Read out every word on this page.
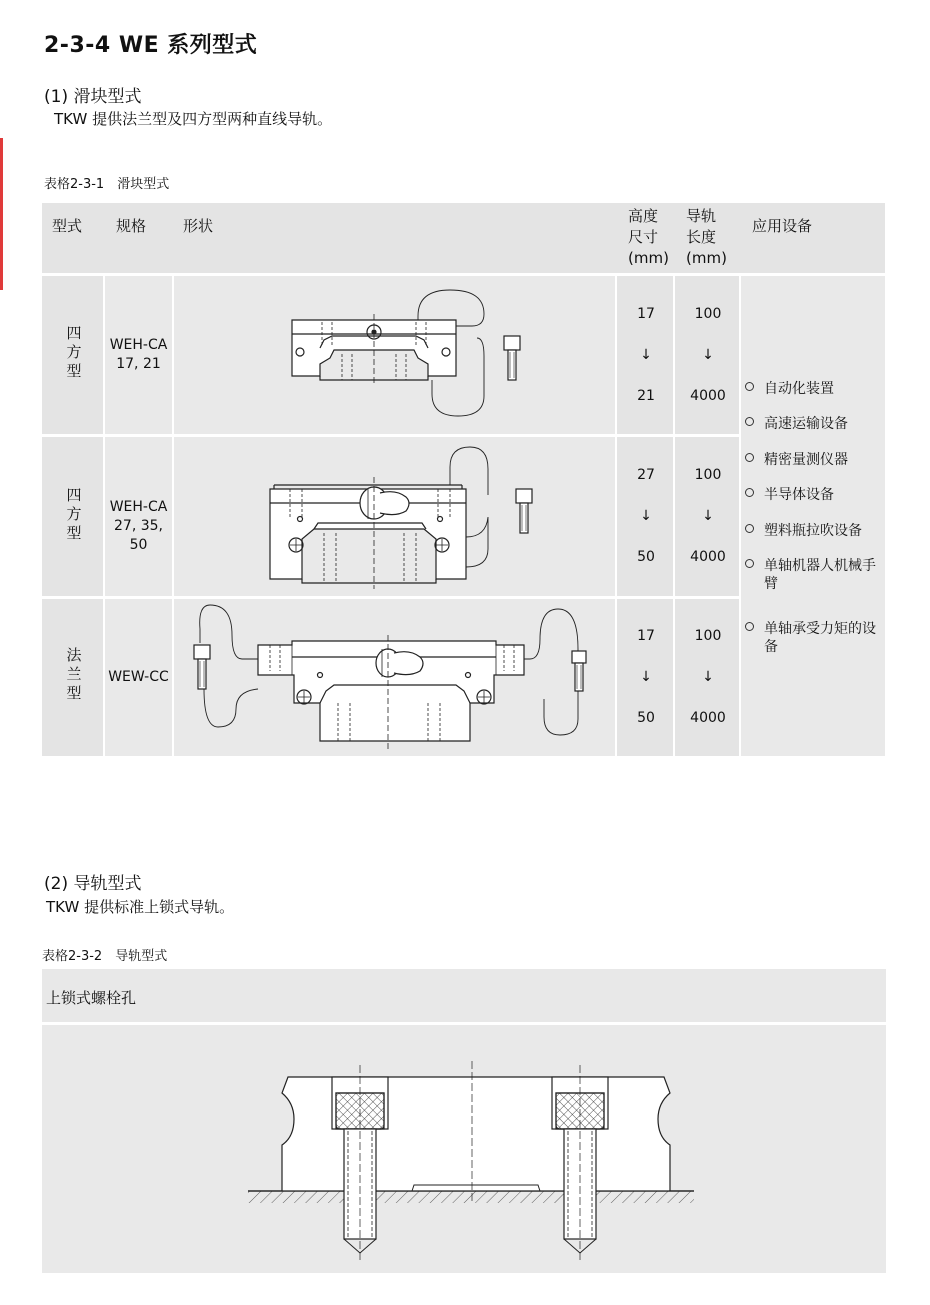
2-3-4 WE 系列型式
(1) 滑块型式
TKW 提供法兰型及四方型两种直线导轨。
表格2-3-1　滑块型式
型式 规格 形状
高度
尺寸
(mm)
导轨
长度
(mm)
应用设备
四
方
型
WEH-CA
17, 21
17
↓
21
100
↓
4000
四
方
型
WEH-CA
27, 35, 50
27
↓
50
100
↓
4000
法
兰
型
WEW-CC
17
↓
50
100
↓
4000
自动化装置
高速运输设备
精密量测仪器
半导体设备
塑料瓶拉吹设备
单轴机器人机械手臂
单轴承受力矩的设备
(2) 导轨型式
TKW 提供标准上锁式导轨。
表格2-3-2　导轨型式
上锁式螺栓孔
